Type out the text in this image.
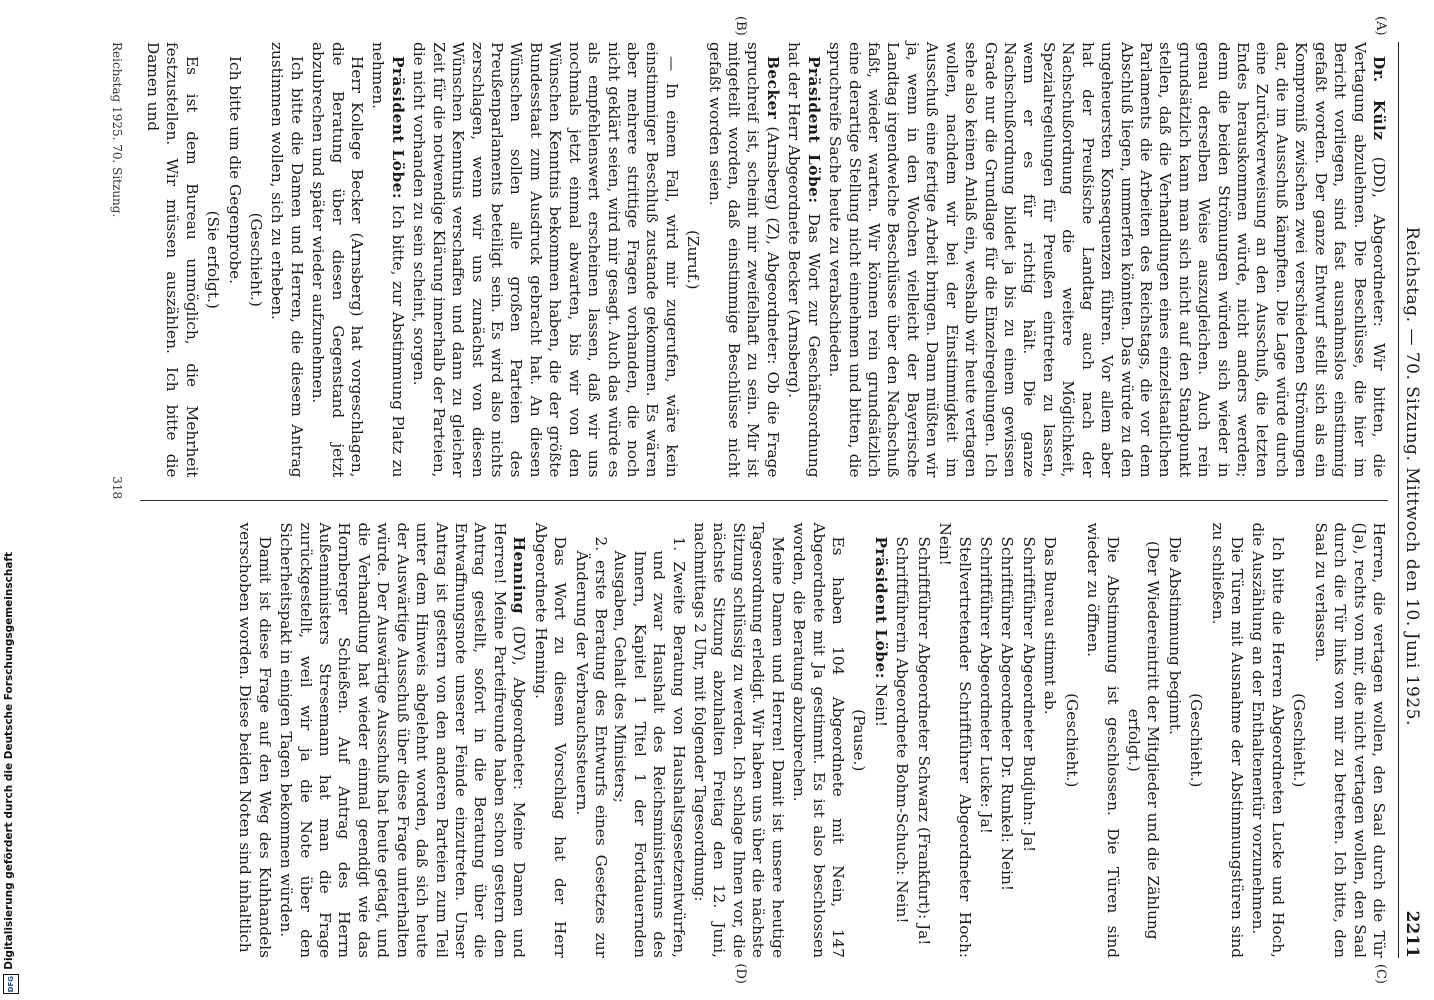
Digitalisierung gefördert durch die Deutsche Forschungsgemeinschaft
DFG
Reichstag. — 70. Sitzung. Mittwoch den 10. Juni 1925.
2211
(A)
(B)
(C)
(D)

Dr. Külz (DD), Abgeordneter: Wir bitten, die Vertagung abzulehnen. Die Beschlüsse, die hier im Bericht vorliegen, sind fast ausnahmslos einstimmig gefaßt worden. Der ganze Entwurf stellt sich als ein Kompromiß zwischen zwei verschiedenen Strömungen dar, die im Ausschuß kämpften. Die Lage würde durch eine Zurückverweisung an den Ausschuß, die letzten Endes herauskommen würde, nicht anders werden; denn die beiden Strömungen würden sich wieder in genau derselben Weise auszugleichen. Auch rein grundsätzlich kann man sich nicht auf den Standpunkt stellen, daß die Verhandlungen eines einzelstaatlichen Parlaments die Arbeiten des Reichstags, die vor dem Abschluß liegen, ummerfen könnten. Das würde zu den ungeheuersten Konsequenzen führen. Vor allem aber hat der Preußische Landtag auch nach der Nachschußordnung die weitere Möglichkeit, Spezialregelungen für Preußen eintreten zu lassen, wenn er es für richtig hält. Die ganze Nachschußordnung bildet ja bis zu einem gewissen Grade nur die Grundlage für die Einzelregelungen. Ich sehe also keinen Anlaß ein, weshalb wir heute vertagen wollen, nachdem wir bei der Einstimmigkeit im Ausschuß eine fertige Arbeit bringen. Dann müßten wir ja, wenn in den Wochen vielleicht der Bayerische Landtag irgendwelche Beschlüsse über den Nachschuß faßt, wieder warten. Wir können rein grundsätzlich eine derartige Stellung nicht einnehmen und bitten, die spruchreife Sache heute zu verabschieden.

Präsident Löbe: Das Wort zur Geschäftsordnung hat der Herr Abgeordnete Becker (Arnsberg).

Becker (Arnsberg) (Z), Abgeordneter: Ob die Frage spruchreif ist, scheint mir zweifelhaft zu sein. Mir ist mitgeteilt worden, daß einstimmige Beschlüsse nicht gefaßt worden seien.

(Zuruf.)

— In einem Fall, wird mir zugerufen, wäre kein einstimmiger Beschluß zustande gekommen. Es wären aber mehrere strittige Fragen vorhanden, die noch nicht geklärt seien, wird mir gesagt. Auch das würde es als empfehlenswert erscheinen lassen, daß wir uns nochmals jetzt einmal abwarten, bis wir von den Wünschen Kenntnis bekommen haben, die der größte Bundesstaat zum Ausdruck gebracht hat. An diesen Wünschen sollen alle großen Parteien des Preußenparlaments beteiligt sein. Es wird also nichts zerschlagen, wenn wir uns zunächst von diesen Wünschen Kenntnis verschaffen und dann zu gleicher Zeit für die notwendige Klärung innerhalb der Parteien, die nicht vorhanden zu sein scheint, sorgen.

Präsident Löbe: Ich bitte, zur Abstimmung Platz zu nehmen.

Herr Kollege Becker (Arnsberg) hat vorgeschlagen, die Beratung über diesen Gegenstand jetzt abzubrechen und später wieder aufzunehmen.

Ich bitte die Damen und Herren, die diesem Antrag zustimmen wollen, sich zu erheben.

(Geschieht.)

Ich bitte um die Gegenprobe.

(Sie erfolgt.)

Es ist dem Bureau unmöglich, die Mehrheit festzustellen. Wir müssen auszählen. Ich bitte die Damen und

Herren, die vertagen wollen, den Saal durch die Tür (Ja), rechts von mir, die nicht vertagen wollen, den Saal durch die Tür links von mir zu betreten. Ich bitte, den Saal zu verlassen.

(Geschieht.)

Ich bitte die Herren Abgeordneten Lucke und Hoch, die Auszählung an der Enthaltenentür vorzunehmen.

Die Türen mit Ausnahme der Abstimmungstüren sind zu schließen.

(Geschieht.)

Die Abstimmung beginnt.

(Der Wiedereintritt der Mitglieder und die Zählung erfolgt.)

Die Abstimmung ist geschlossen. Die Türen sind wieder zu öffnen.

(Geschieht.)

Das Bureau stimmt ab.

Schriftführer Abgeordneter Budjuhn: Ja!

Schriftführer Abgeordneter Dr. Runkel: Nein!

Schriftführer Abgeordneter Lucke: Ja!

Stellvertretender Schriftführer Abgeordneter Hoch: Nein!

Schriftführer Abgeordneter Schwarz (Frankfurt): Ja!

Schriftführerin Abgeordnete Bohm-Schuch: Nein!

Präsident Löbe: Nein!

(Pause.)

Es haben 104 Abgeordnete mit Nein, 147 Abgeordnete mit Ja gestimmt. Es ist also beschlossen worden, die Beratung abzubrechen.

Meine Damen und Herren! Damit ist unsere heutige Tagesordnung erledigt. Wir haben uns über die nächste Sitzung schlüssig zu werden. Ich schlage Ihnen vor, die nächste Sitzung abzuhalten Freitag den 12. Juni, nachmittags 2 Uhr, mit folgender Tagesordnung:

1. Zweite Beratung von Haushaltsgesetzentwürfen, und zwar Haushalt des Reichsministeriums des Innern, Kapitel 1 Titel 1 der Fortdauernden Ausgaben, Gehalt des Ministers;
2. erste Beratung des Entwurfs eines Gesetzes zur Änderung der Verbrauchssteuern.

Das Wort zu diesem Vorschlag hat der Herr Abgeordnete Henning.

Henning (DV), Abgeordneter: Meine Damen und Herren! Meine Parteifreunde haben schon gestern den Antrag gestellt, sofort in die Beratung über die Entwaffnungsnote unserer Feinde einzutreten. Unser Antrag ist gestern von den anderen Parteien zum Teil unter dem Hinweis abgelehnt worden, daß sich heute der Auswärtige Ausschuß über diese Frage unterhalten würde. Der Auswärtige Ausschuß hat heute getagt, und die Verhandlung hat wieder einmal geendigt wie das Hornberger Schießen. Auf Antrag des Herrn Außenministers Stresemann hat man die Frage zurückgestellt, weil wir ja die Note über den Sicherheitspakt in einigen Tagen bekommen würden.

Damit ist diese Frage auf den Weg des Kuhhandels verschoben worden. Diese beiden Noten sind inhaltlich

Reichstag 1925. 70. Sitzung.
318
